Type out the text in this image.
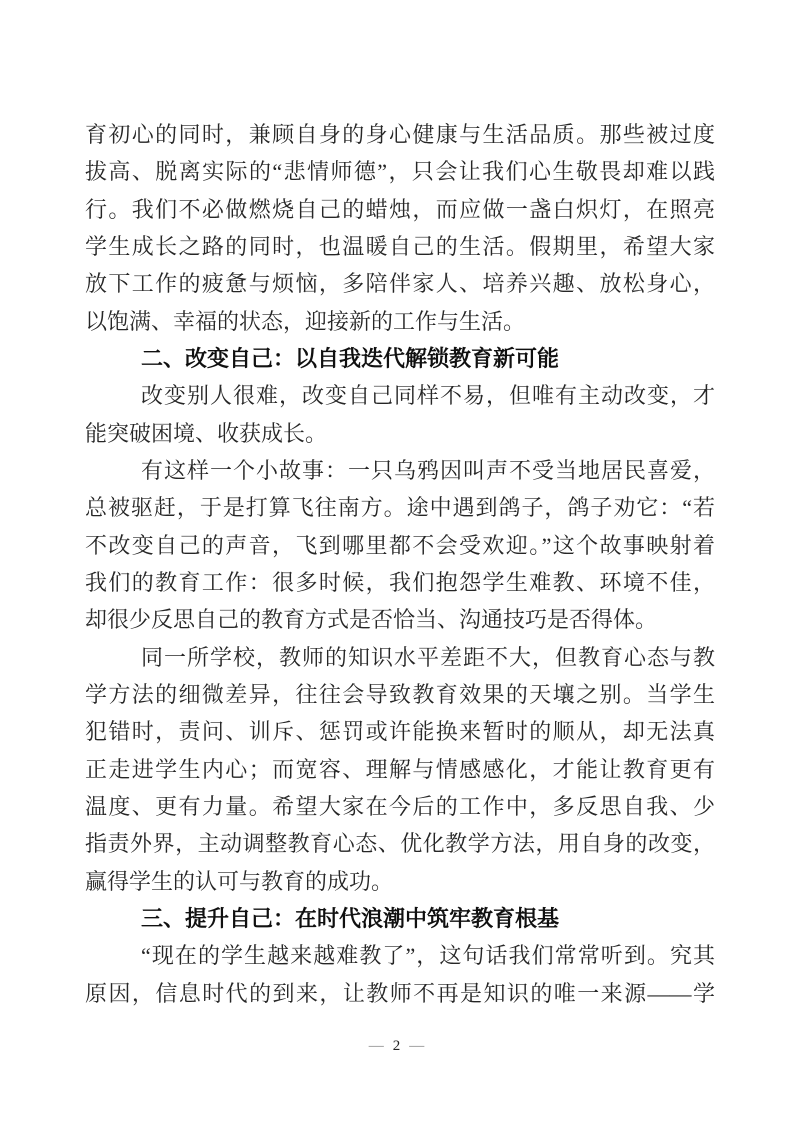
育初心的同时，兼顾自身的身心健康与生活品质。那些被过度
拔高、脱离实际的“悲情师德”，只会让我们心生敬畏却难以践
行。我们不必做燃烧自己的蜡烛，而应做一盏白炽灯，在照亮
学生成长之路的同时，也温暖自己的生活。假期里，希望大家
放下工作的疲惫与烦恼，多陪伴家人、培养兴趣、放松身心，
以饱满、幸福的状态，迎接新的工作与生活。
二、改变自己：以自我迭代解锁教育新可能
改变别人很难，改变自己同样不易，但唯有主动改变，才
能突破困境、收获成长。
有这样一个小故事：一只乌鸦因叫声不受当地居民喜爱，
总被驱赶，于是打算飞往南方。途中遇到鸽子，鸽子劝它：“若
不改变自己的声音，飞到哪里都不会受欢迎。”这个故事映射着
我们的教育工作：很多时候，我们抱怨学生难教、环境不佳，
却很少反思自己的教育方式是否恰当、沟通技巧是否得体。
同一所学校，教师的知识水平差距不大，但教育心态与教
学方法的细微差异，往往会导致教育效果的天壤之别。当学生
犯错时，责问、训斥、惩罚或许能换来暂时的顺从，却无法真
正走进学生内心；而宽容、理解与情感感化，才能让教育更有
温度、更有力量。希望大家在今后的工作中，多反思自我、少
指责外界，主动调整教育心态、优化教学方法，用自身的改变，
赢得学生的认可与教育的成功。
三、提升自己：在时代浪潮中筑牢教育根基
“现在的学生越来越难教了”，这句话我们常常听到。究其
原因，信息时代的到来，让教师不再是知识的唯一来源——学
— 2 —
